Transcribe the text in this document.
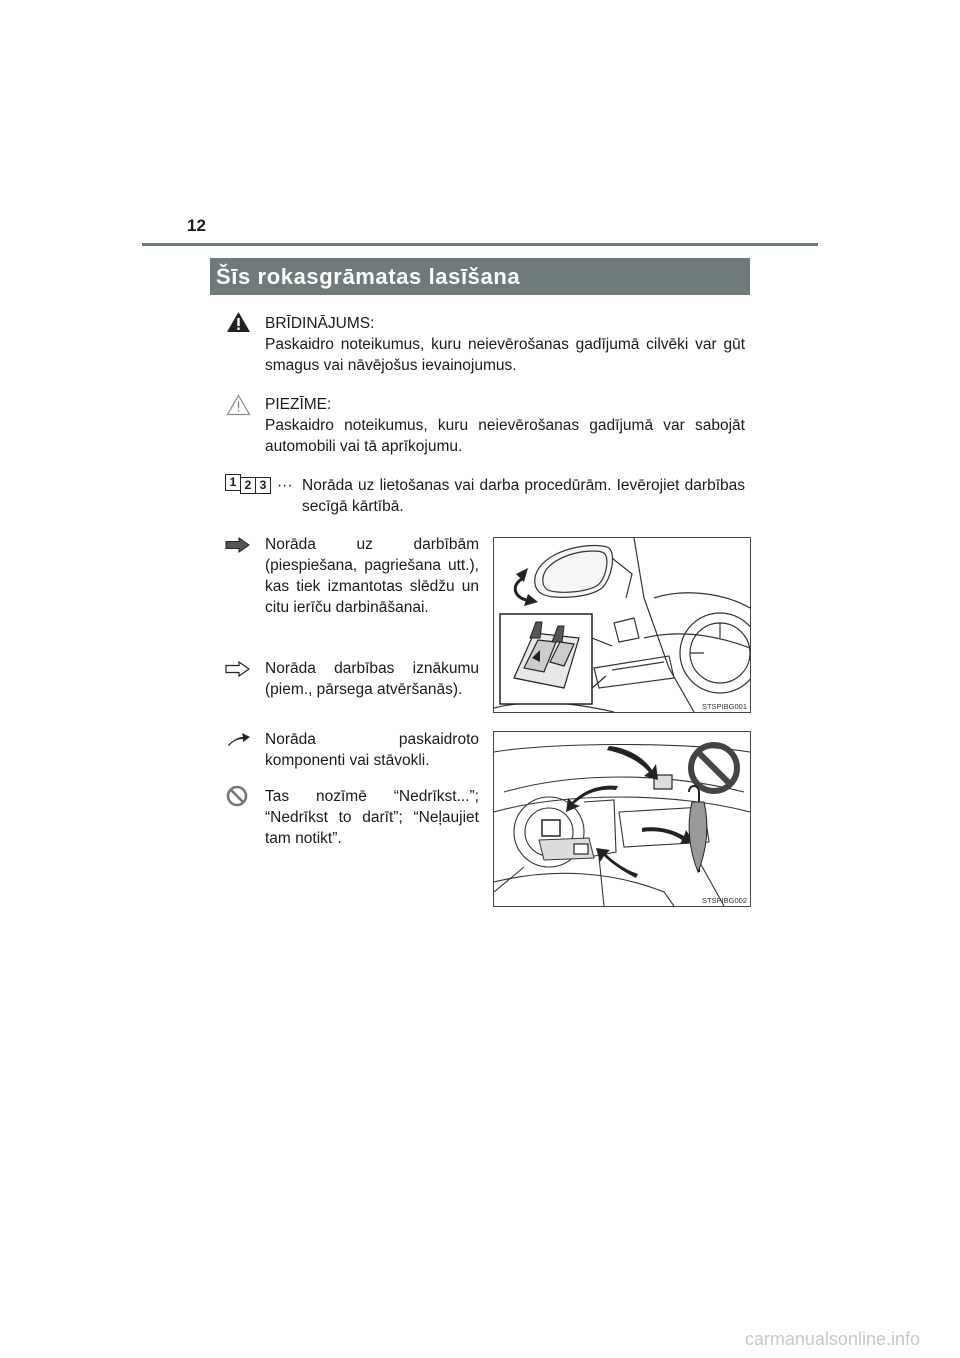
12
Šīs rokasgrāmatas lasīšana
BRĪDINĀJUMS:
Paskaidro noteikumus, kuru neievērošanas gadījumā cilvēki var gūt smagus vai nāvējošus ievainojumus.
PIEZĪME:
Paskaidro noteikumus, kuru neievērošanas gadījumā var sabojāt automobili vai tā aprīkojumu.
1 2 3 ··· Norāda uz lietošanas vai darba procedūrām. Ievērojiet darbības secīgā kārtībā.
Norāda uz darbībām (piespiešana, pagriešana utt.), kas tiek izmantotas slēdžu un citu ierīču darbināšanai.
Norāda darbības iznākumu (piem., pārsega atvēršanās).
Norāda paskaidroto komponenti vai stāvokli.
Tas nozīmē “Nedrīkst...”; “Nedrīkst to darīt”; “Neļaujiet tam notikt”.
STSPIBG001
STSPIBG002
carmanualsonline.info
